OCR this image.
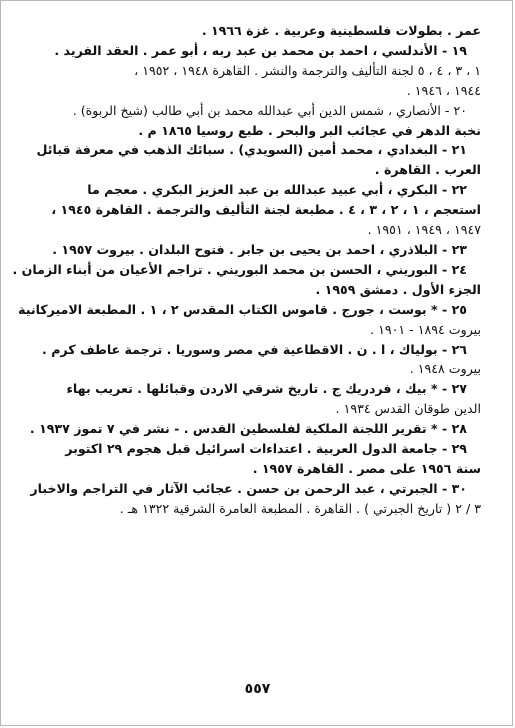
عمر . بطولات فلسطينية وعربية . غزة ١٩٦٦ .

١٩ - الأندلسي ، احمد بن محمد بن عبد ربه ، أبو عمر . العقد الفريد .
١ ، ٣ ، ٤ ، ٥ لجنة التأليف والترجمة والنشر . القاهرة ١٩٤٨ ، ١٩٥٢ ،
١٩٤٤ ، ١٩٤٦ .

٢٠ - الأنصاري ، شمس الدين أبي عبدالله محمد بن أبي طالب (شيخ الربوة) .
نخبة الدهر في عجائب البر والبحر . طبع روسيا ١٨٦٥ م .

٢١ - البغدادي ، محمد أمين (السويدي) . سبائك الذهب في معرفة قبائل
العرب . القاهرة .

٢٢ - البكري ، أبي عبيد عبدالله بن عبد العزيز البكري . معجم ما
استعجم ، ١ ، ٢ ، ٣ ، ٤ . مطبعة لجنة التأليف والترجمة . القاهرة ١٩٤٥ ،
١٩٤٧ ، ١٩٤٩ ، ١٩٥١ .

٢٣ - البلاذري ، احمد بن يحيى بن جابر . فتوح البلدان . بيروت ١٩٥٧ .

٢٤ - البوريني ، الحسن بن محمد البوريني . تراجم الأعيان من أبناء الزمان .
الجزء الأول . دمشق ١٩٥٩ .

٢٥ - * بوست ، جورج . قاموس الكتاب المقدس ٢ ، ١ . المطبعة الاميركانية
بيروت ١٨٩٤ - ١٩٠١ .

٢٦ - بولياك ، ا . ن . الاقطاعية في مصر وسوريا . ترجمة عاطف كرم .
بيروت ١٩٤٨ .

٢٧ - * بيك ، فردريك ج . تاريخ شرقي الاردن وقبائلها . تعريب بهاء
الدين طوقان القدس ١٩٣٤ .

٢٨ - * تقرير اللجنة الملكية لفلسطين القدس . - نشر في ٧ تموز ١٩٣٧ .

٢٩ - جامعة الدول العربية . اعتداءات اسرائيل قبل هجوم ٢٩ اكتوبر
سنة ١٩٥٦ على مصر . القاهرة ١٩٥٧ .

٣٠ - الجبرتي ، عبد الرحمن بن حسن . عجائب الآثار في التراجم والاخبار
٣ / ٢ ( تاريخ الجبرتي ) . القاهرة . المطبعة العامرة الشرقية ١٣٢٢ هـ .

٥٥٧
